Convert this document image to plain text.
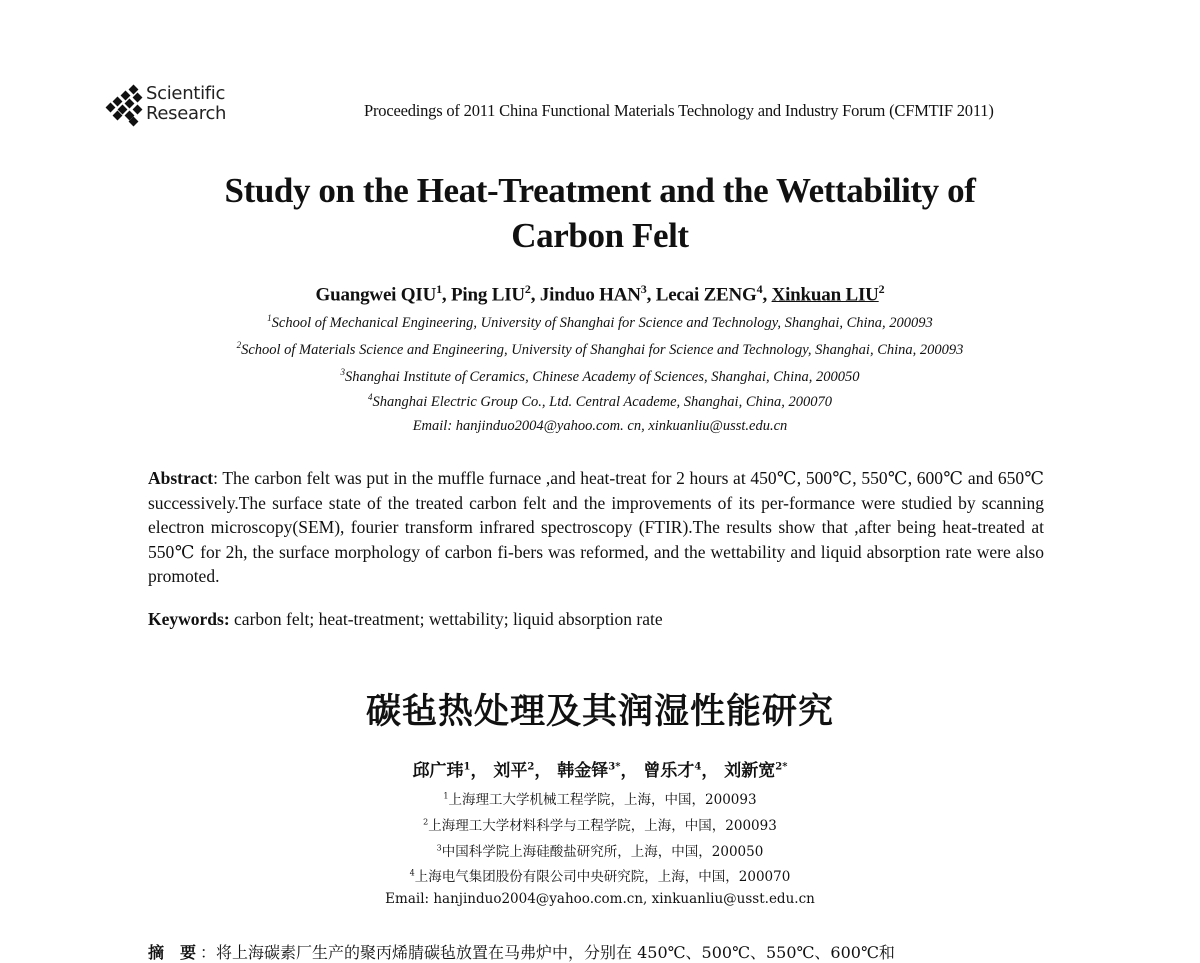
Scientific
Research	Proceedings of 2011 China Functional Materials Technology and Industry Forum (CFMTIF 2011)
Study on the Heat-Treatment and the Wettability of
Carbon Felt
Guangwei QIU$^1$, Ping LIU$^2$, Jinduo HAN$^3$, Lecai ZENG$^4$, Xinkuan LIU$^2$
$^1$School of Mechanical Engineering, University of Shanghai for Science and Technology, Shanghai, China, 200093
$^2$School of Materials Science and Engineering, University of Shanghai for Science and Technology, Shanghai, China, 200093
$^3$Shanghai Institute of Ceramics, Chinese Academy of Sciences, Shanghai, China, 200050
$^4$Shanghai Electric Group Co., Ltd. Central Academe, Shanghai, China, 200070
Email: hanjinduo2004@yahoo.com. cn, xinkuanliu@usst.edu.cn
Abstract: The carbon felt was put in the muffle furnace ,and heat-treat for 2 hours at 450℃, 500℃, 550℃, 600℃ and 650℃ successively.The surface state of the treated carbon felt and the improvements of its per-formance were studied by scanning electron microscopy(SEM), fourier transform infrared spectroscopy (FTIR).The results show that ,after being heat-treated at 550℃ for 2h, the surface morphology of carbon fi-bers was reformed, and the wettability and liquid absorption rate were also promoted.
Keywords: carbon felt; heat-treatment; wettability; liquid absorption rate
碳毡热处理及其润湿性能研究
邱广玮$^1$， 刘平$^2$， 韩金铎$^{3*}$， 曾乐才$^4$， 刘新宽$^{2*}$
$^1$上海理工大学机械工程学院，上海，中国，200093
$^2$上海理工大学材料科学与工程学院，上海，中国，200093
$^3$中国科学院上海硅酸盐研究所，上海，中国，200050
$^4$上海电气集团股份有限公司中央研究院，上海，中国，200070
Email: hanjinduo2004@yahoo.com.cn, xinkuanliu@usst.edu.cn
摘　要 ：将上海碳素厂生产的聚丙烯腈碳毡放置在马弗炉中，分别在 450℃、500℃、550℃、600℃和
